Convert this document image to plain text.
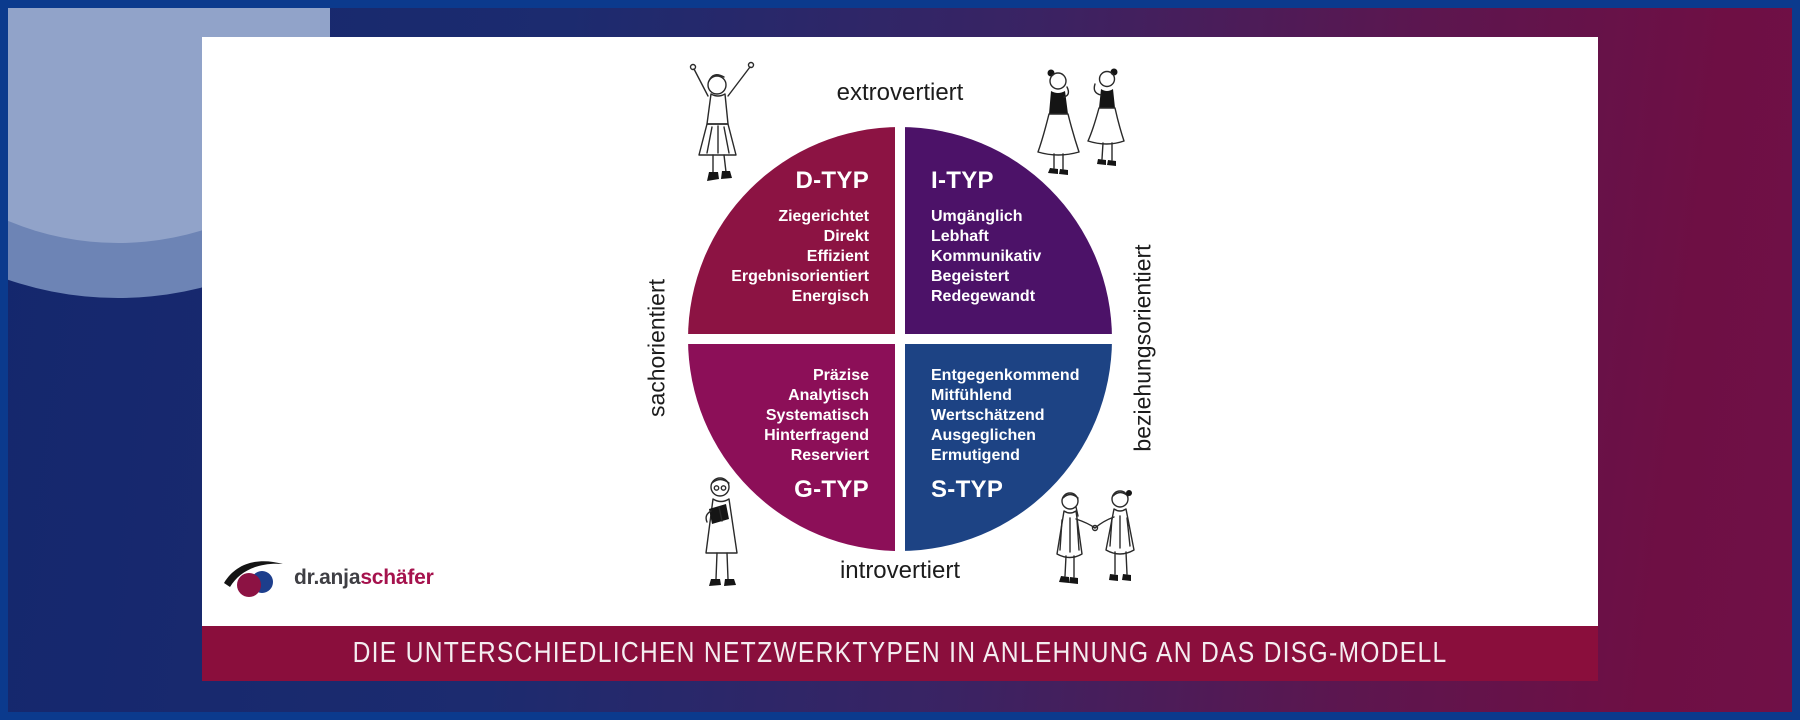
extrovertiert
introvertiert
sachorientiert	beziehungsorientiert
D-TYP
Ziegerichtet
Direkt
Effizient
Ergebnisorientiert
Energisch
I-TYP
Umgänglich
Lebhaft
Kommunikativ
Begeistert
Redegewandt
Präzise
Analytisch
Systematisch
Hinterfragend
Reserviert
G-TYP
Entgegenkommend
Mitfühlend
Wertschätzend
Ausgeglichen
Ermutigend
S-TYP
dr.anjaschäfer
DIE UNTERSCHIEDLICHEN NETZWERKTYPEN IN ANLEHNUNG AN DAS DISG-MODELL
